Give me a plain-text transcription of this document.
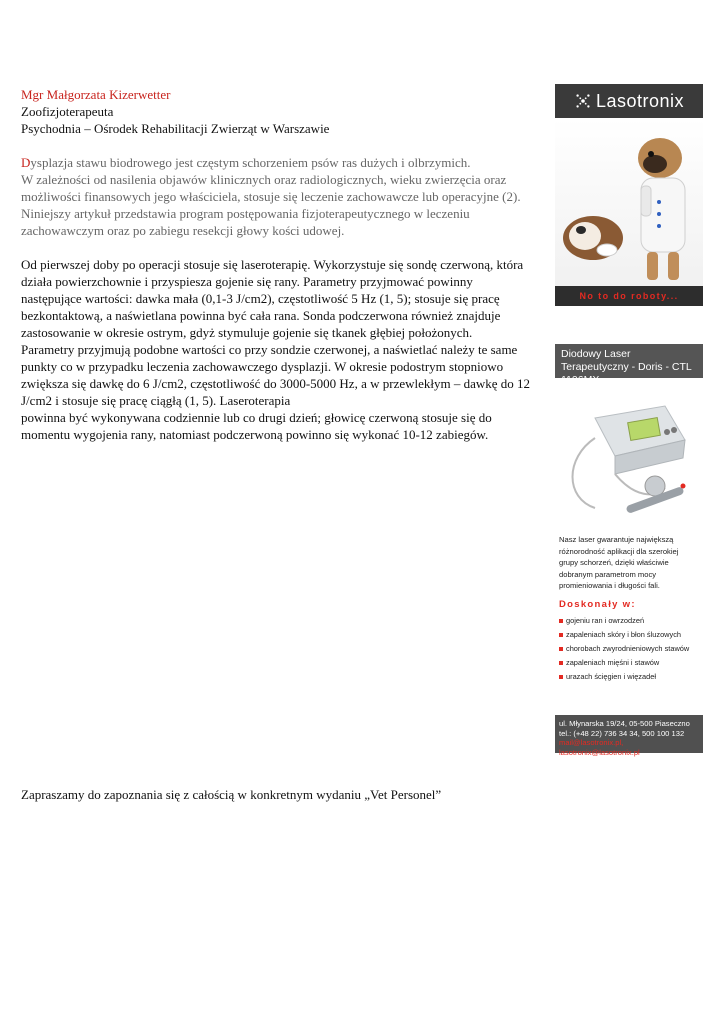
Mgr Małgorzata Kizerwetter
Zoofizjoterapeuta
Psychodnia – Ośrodek Rehabilitacji Zwierząt w Warszawie

Dysplazja stawu biodrowego jest częstym schorzeniem psów ras dużych i olbrzymich.

W zależności od nasilenia objawów klinicznych oraz radiologicznych, wieku zwierzęcia oraz

możliwości finansowych jego właściciela, stosuje się leczenie zachowawcze lub operacyjne (2).

Niniejszy artykuł przedstawia program postępowania fizjoterapeutycznego w leczeniu

zachowawczym oraz po zabiegu resekcji głowy kości udowej.

Od pierwszej doby po operacji stosuje się laseroterapię. Wykorzystuje się sondę czerwoną, która

działa powierzchownie i przyspiesza gojenie się rany. Parametry przyjmować powinny

następujące wartości: dawka mała (0,1-3 J/cm2), częstotliwość 5 Hz (1, 5); stosuje się pracę

bezkontaktową, a naświetlana powinna być cała rana. Sonda podczerwona również znajduje

zastosowanie w okresie ostrym, gdyż stymuluje gojenie się tkanek głębiej położonych.

Parametry przyjmują podobne wartości co przy sondzie czerwonej, a naświetlać należy te same

punkty co w przypadku leczenia zachowawczego dysplazji. W okresie podostrym stopniowo

zwiększa się dawkę do 6 J/cm2, częstotliwość do 3000-5000 Hz, a w przewlekłym – dawkę do 12

J/cm2 i stosuje się pracę ciągłą (1, 5). Laseroterapia

powinna być wykonywana codziennie lub co drugi dzień; głowicę czerwoną stosuje się do

momentu wygojenia rany, natomiast podczerwoną powinno się wykonać 10-12 zabiegów.

Lasotronix
No to do roboty...
Diodowy Laser Terapeutyczny - Doris - CTL
Nasz laser gwarantuje największą różnorodność aplikacji dla szerokiej grupy schorzeń, dzięki właściwie dobranym parametrom mocy promieniowania i długości fali.
Doskonały w:
gojeniu ran i owrzodzeń
zapaleniach skóry i błon śluzowych
chorobach zwyrodnieniowych stawów
zapaleniach mięśni i stawów
urazach ścięgien i więzadeł
ul. Młynarska 19/24, 05-500 Piaseczno
tel.: (+48 22) 736 34 34, 500 100 132
mail@lasotronix.pl, lasotronix@lasotronix.pl
Zapraszamy do zapoznania się z całością w konkretnym wydaniu „Vet Personel”
